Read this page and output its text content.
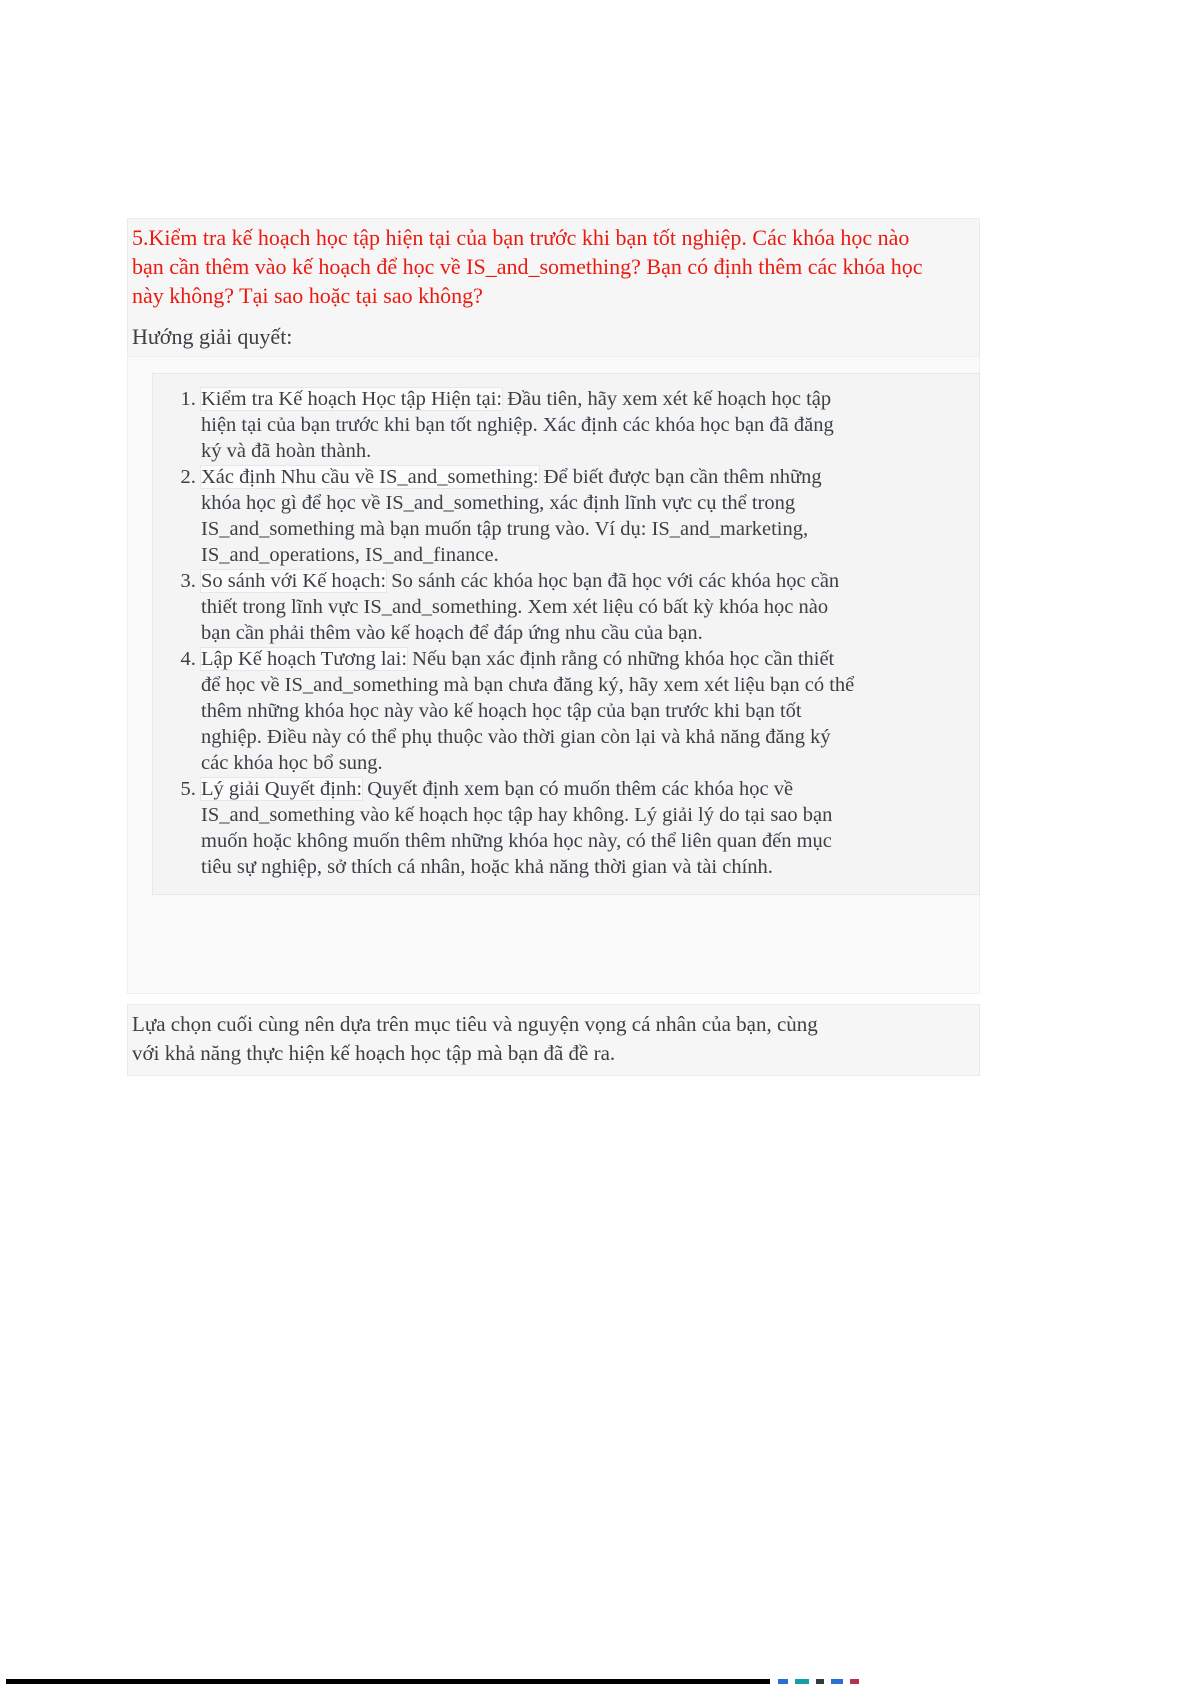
5.Kiểm tra kế hoạch học tập hiện tại của bạn trước khi bạn tốt nghiệp. Các khóa học nào bạn cần thêm vào kế hoạch để học về IS_and_something? Bạn có định thêm các khóa học này không? Tại sao hoặc tại sao không?

Hướng giải quyết:

1. Kiểm tra Kế hoạch Học tập Hiện tại: Đầu tiên, hãy xem xét kế hoạch học tập hiện tại của bạn trước khi bạn tốt nghiệp. Xác định các khóa học bạn đã đăng ký và đã hoàn thành.
2. Xác định Nhu cầu về IS_and_something: Để biết được bạn cần thêm những khóa học gì để học về IS_and_something, xác định lĩnh vực cụ thể trong IS_and_something mà bạn muốn tập trung vào. Ví dụ: IS_and_marketing, IS_and_operations, IS_and_finance.
3. So sánh với Kế hoạch: So sánh các khóa học bạn đã học với các khóa học cần thiết trong lĩnh vực IS_and_something. Xem xét liệu có bất kỳ khóa học nào bạn cần phải thêm vào kế hoạch để đáp ứng nhu cầu của bạn.
4. Lập Kế hoạch Tương lai: Nếu bạn xác định rằng có những khóa học cần thiết để học về IS_and_something mà bạn chưa đăng ký, hãy xem xét liệu bạn có thể thêm những khóa học này vào kế hoạch học tập của bạn trước khi bạn tốt nghiệp. Điều này có thể phụ thuộc vào thời gian còn lại và khả năng đăng ký các khóa học bổ sung.
5. Lý giải Quyết định: Quyết định xem bạn có muốn thêm các khóa học về IS_and_something vào kế hoạch học tập hay không. Lý giải lý do tại sao bạn muốn hoặc không muốn thêm những khóa học này, có thể liên quan đến mục tiêu sự nghiệp, sở thích cá nhân, hoặc khả năng thời gian và tài chính.

Lựa chọn cuối cùng nên dựa trên mục tiêu và nguyện vọng cá nhân của bạn, cùng với khả năng thực hiện kế hoạch học tập mà bạn đã đề ra.
